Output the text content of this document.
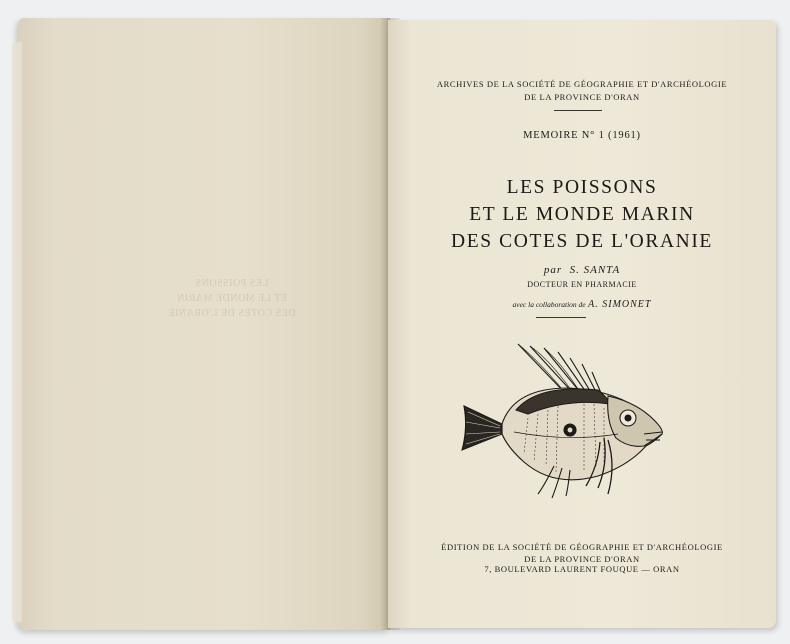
LES POISSONS
ET LE MONDE MARIN
DES COTES DE L'ORANIE
ARCHIVES DE LA SOCIÉTÉ DE GÉOGRAPHIE ET D'ARCHÉOLOGIE
DE LA PROVINCE D'ORAN
MEMOIRE N° 1 (1961)
LES POISSONS
ET LE MONDE MARIN
DES COTES DE L'ORANIE
par S. SANTA
DOCTEUR EN PHARMACIE
avec la collaboration de A. SIMONET
ÉDITION DE LA SOCIÉTÉ DE GÉOGRAPHIE ET D'ARCHÉOLOGIE
DE LA PROVINCE D'ORAN
7, BOULEVARD LAURENT FOUQUE — ORAN
